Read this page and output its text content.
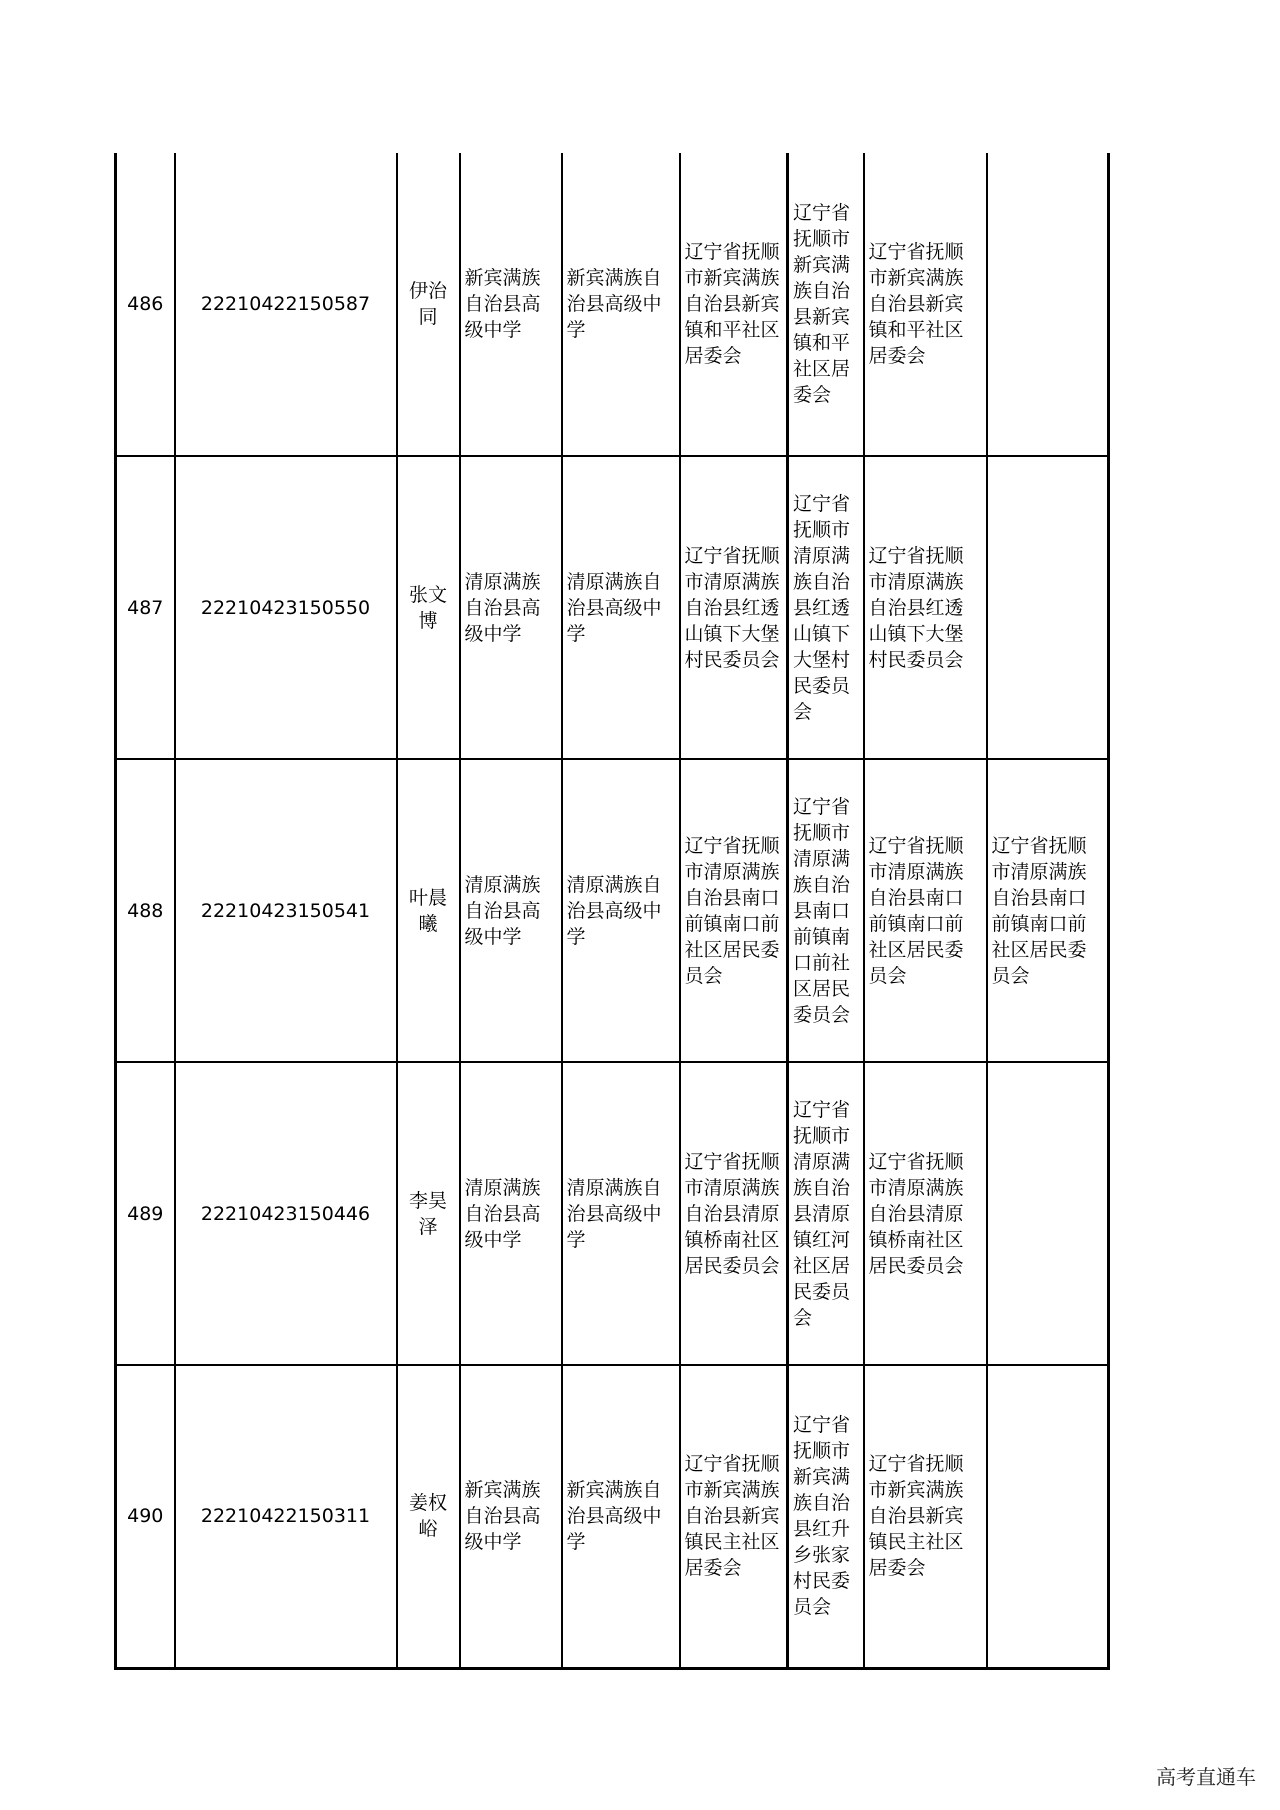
486	22210422150587	伊治同	新宾满族自治县高级中学	新宾满族自治县高级中学	辽宁省抚顺市新宾满族自治县新宾镇和平社区居委会	辽宁省抚顺市新宾满族自治县新宾镇和平社区居委会	辽宁省抚顺市新宾满族自治县新宾镇和平社区居委会	

487	22210423150550	张文博	清原满族自治县高级中学	清原满族自治县高级中学	辽宁省抚顺市清原满族自治县红透山镇下大堡村民委员会	辽宁省抚顺市清原满族自治县红透山镇下大堡村民委员会	辽宁省抚顺市清原满族自治县红透山镇下大堡村民委员会	

488	22210423150541	叶晨曦	清原满族自治县高级中学	清原满族自治县高级中学	辽宁省抚顺市清原满族自治县南口前镇南口前社区居民委员会	辽宁省抚顺市清原满族自治县南口前镇南口前社区居民委员会	辽宁省抚顺市清原满族自治县南口前镇南口前社区居民委员会	辽宁省抚顺市清原满族自治县南口前镇南口前社区居民委员会

489	22210423150446	李昊泽	清原满族自治县高级中学	清原满族自治县高级中学	辽宁省抚顺市清原满族自治县清原镇桥南社区居民委员会	辽宁省抚顺市清原满族自治县清原镇红河社区居民委员会	辽宁省抚顺市清原满族自治县清原镇桥南社区居民委员会	

490	22210422150311	姜权峪	新宾满族自治县高级中学	新宾满族自治县高级中学	辽宁省抚顺市新宾满族自治县新宾镇民主社区居委会	辽宁省抚顺市新宾满族自治县红升乡张家村民委员会	辽宁省抚顺市新宾满族自治县新宾镇民主社区居委会	

高考直通车
